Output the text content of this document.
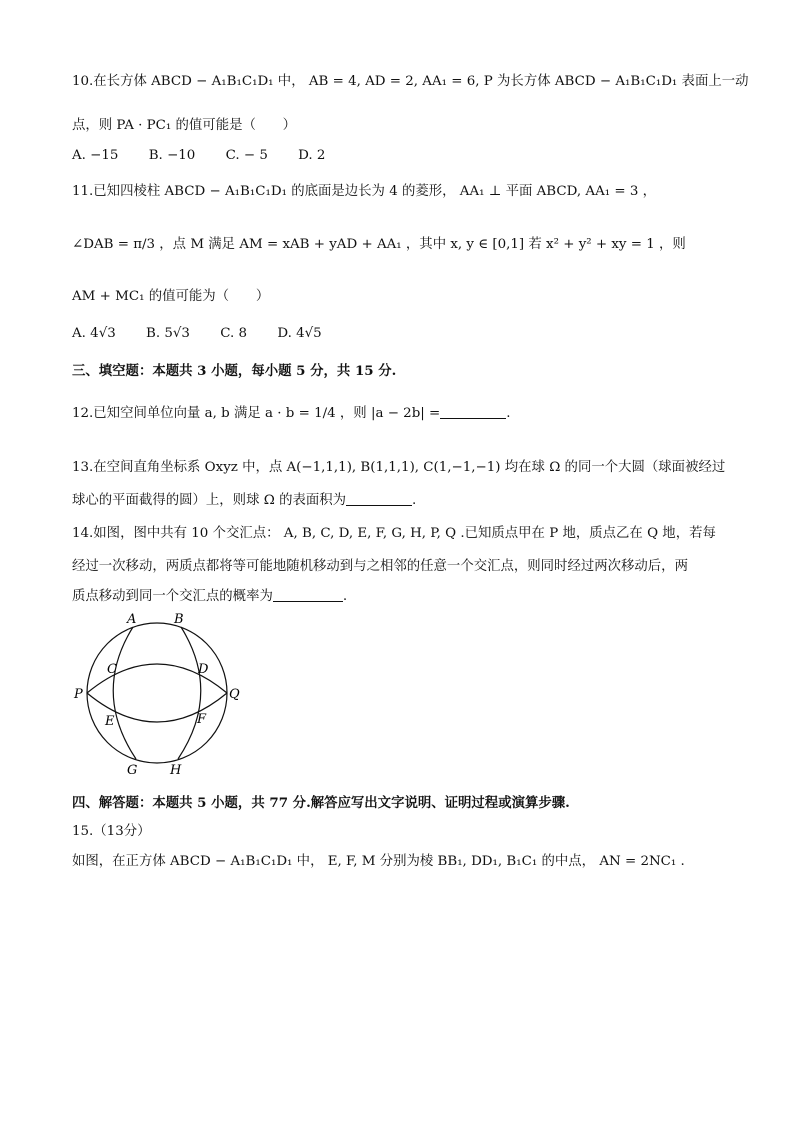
10.在长方体 ABCD − A₁B₁C₁D₁ 中， AB = 4, AD = 2, AA₁ = 6, P 为长方体 ABCD − A₁B₁C₁D₁ 表面上一动
点，则 PA · PC₁ 的值可能是（　　）
A. −15 B. −10 C. − 5 D. 2
11.已知四棱柱 ABCD − A₁B₁C₁D₁ 的底面是边长为 4 的菱形， AA₁ ⊥ 平面 ABCD, AA₁ = 3 ，
∠DAB = π/3 ，点 M 满足 AM = xAB + yAD + AA₁ ，其中 x, y ∈ [0,1] 若 x² + y² + xy = 1 ，则
AM + MC₁ 的值可能为（　　）
A. 4√3 B. 5√3 C. 8 D. 4√5
三、填空题：本题共 3 小题，每小题 5 分，共 15 分.
12.已知空间单位向量 a, b 满足 a · b = 1/4 ，则 |a − 2b| =	.
13.在空间直角坐标系 Oxyz 中，点 A(−1,1,1), B(1,1,1), C(1,−1,−1) 均在球 Ω 的同一个大圆（球面被经过
球心的平面截得的圆）上，则球 Ω 的表面积为	.
14.如图，图中共有 10 个交汇点： A, B, C, D, E, F, G, H, P, Q .已知质点甲在 P 地，质点乙在 Q 地，若每
经过一次移动，两质点都将等可能地随机移动到与之相邻的任意一个交汇点，则同时经过两次移动后，两
质点移动到同一个交汇点的概率为	.
A	B
C	D
P	Q
E	F
G	H
四、解答题：本题共 5 小题，共 77 分.解答应写出文字说明、证明过程或演算步骤.
15.（13分）
如图，在正方体 ABCD − A₁B₁C₁D₁ 中， E, F, M 分别为棱 BB₁, DD₁, B₁C₁ 的中点， AN = 2NC₁ .
